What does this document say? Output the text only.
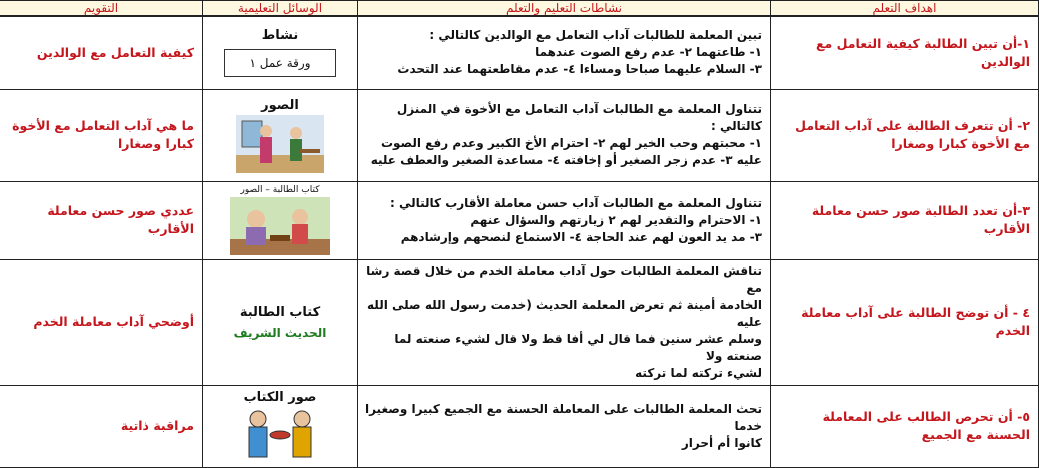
اهداف التعلم	نشاطات التعليم والتعلم	الوسائل التعليمية	التقويم
١-أن تبين الطالبة كيفية التعامل مع الوالدين	تبين المعلمة للطالبات آداب التعامل مع الوالدين كالتالي :
١- طاعتهما ٢- عدم رفع الصوت عندهما
٣- السلام عليهما صباحا ومساءا ٤- عدم مقاطعتهما عند التحدث	نشاط
ورقة عمل ١	كيفية التعامل مع الوالدين
٢- أن تتعرف الطالبة على آداب التعامل مع الأخوة كبارا وصغارا	تتناول المعلمة مع الطالبات آداب التعامل مع الأخوة في المنزل كالتالي :
١- محبتهم وحب الخير لهم ٢- احترام الأخ الكبير وعدم رفع الصوت
عليه ٣- عدم زجر الصغير أو إخافته ٤- مساعدة الصغير والعطف عليه	الصور	ما هي آداب التعامل مع الأخوة كبارا وصغارا
٣-أن تعدد الطالبة صور حسن معاملة الأقارب	تتناول المعلمة مع الطالبات آداب حسن معاملة الأقارب كالتالي :
١- الاحترام والتقدير لهم ٢ زيارتهم والسؤال عنهم
٣- مد يد العون لهم عند الحاجة ٤- الاستماع لنصحهم وإرشادهم	كتاب الطالبة – الصور	عددي صور حسن معاملة الأقارب
٤ - أن توضح الطالبة على آداب معاملة الخدم	تناقش المعلمة الطالبات حول آداب معاملة الخدم من خلال قصة رشا مع
الخادمة أمينة ثم تعرض المعلمة الحديث (خدمت رسول الله صلى الله عليه
وسلم عشر سنين فما قال لي أفا قط ولا قال لشيء صنعته لما صنعته ولا
لشيء تركته لما تركته	كتاب الطالبة
الحديث الشريف	أوضحي آداب معاملة الخدم
٥- أن تحرص الطالب على المعاملة الحسنة مع الجميع	تحث المعلمة الطالبات على المعاملة الحسنة مع الجميع كبيرا وصغيرا خدما
كانوا أم أحرار	صور الكتاب	مراقبة ذاتية
